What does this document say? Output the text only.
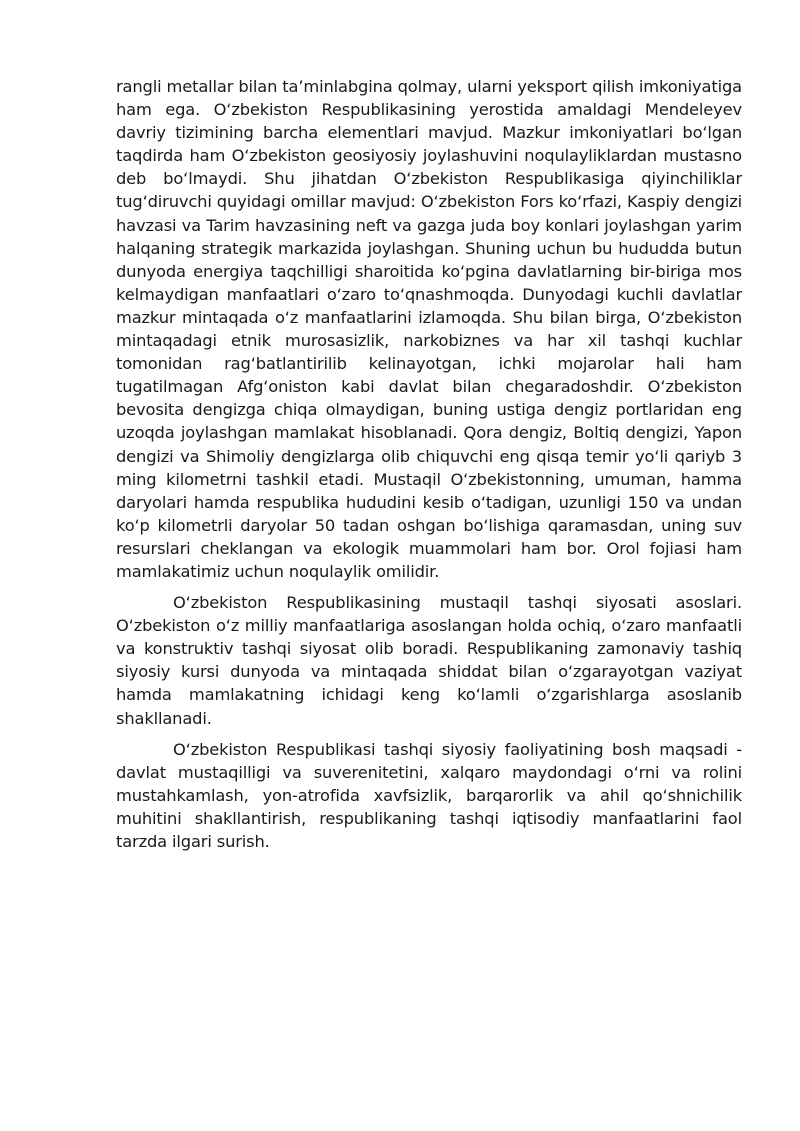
rangli metallar bilan ta’minlabgina qolmay, ularni yeksport qilish imkoniyatiga ham ega. O‘zbekiston Respublikasining yerostida amaldagi Mendeleyev davriy tizimining barcha elementlari mavjud. Mazkur imkoniyatlari bo‘lgan taqdirda ham O‘zbekiston geosiyosiy joylashuvini noqulayliklardan mustasno deb bo‘lmaydi. Shu jihatdan O‘zbekiston Respublikasiga qiyinchiliklar tug‘diruvchi quyidagi omillar mavjud: O‘zbekiston Fors ko‘rfazi, Kaspiy dengizi havzasi va Tarim havzasining neft va gazga juda boy konlari joylashgan yarim halqaning strategik markazida joylashgan. Shuning uchun bu hududda butun dunyoda energiya taqchilligi sharoitida ko‘pgina davlatlarning bir-biriga mos kelmaydigan manfaatlari o‘zaro to‘qnashmoqda. Dunyodagi kuchli davlatlar mazkur mintaqada o‘z manfaatlarini izlamoqda. Shu bilan birga, O‘zbekiston mintaqadagi etnik murosasizlik, narkobiznes va har xil tashqi kuchlar tomonidan rag‘batlantirilib kelinayotgan, ichki mojarolar hali ham tugatilmagan Afg‘oniston kabi davlat bilan chegaradoshdir. O‘zbekiston bevosita dengizga chiqa olmaydigan, buning ustiga dengiz portlaridan eng uzoqda joylashgan mamlakat hisoblanadi. Qora dengiz, Boltiq dengizi, Yapon dengizi va Shimoliy dengizlarga olib chiquvchi eng qisqa temir yo‘li qariyb 3 ming kilometrni tashkil etadi. Mustaqil O‘zbekistonning, umuman, hamma daryolari hamda respublika hududini kesib o‘tadigan, uzunligi 150 va undan ko‘p kilometrli daryolar 50 tadan oshgan bo‘lishiga qaramasdan, uning suv resurslari cheklangan va ekologik muammolari ham bor. Orol fojiasi ham mamlakatimiz uchun noqulaylik omilidir.

O‘zbekiston Respublikasining mustaqil tashqi siyosati asoslari. O‘zbekiston o‘z milliy manfaatlariga asoslangan holda ochiq, o‘zaro manfaatli va konstruktiv tashqi siyosat olib boradi. Respublikaning zamonaviy tashiq siyosiy kursi dunyoda va mintaqada shiddat bilan o‘zgarayotgan vaziyat hamda mamlakatning ichidagi keng ko‘lamli o‘zgarishlarga asoslanib shakllanadi.

O‘zbekiston Respublikasi tashqi siyosiy faoliyatining bosh maqsadi - davlat mustaqilligi va suverenitetini, xalqaro maydondagi o‘rni va rolini mustahkamlash, yon-atrofida xavfsizlik, barqarorlik va ahil qo‘shnichilik muhitini shakllantirish, respublikaning tashqi iqtisodiy manfaatlarini faol tarzda ilgari surish.
